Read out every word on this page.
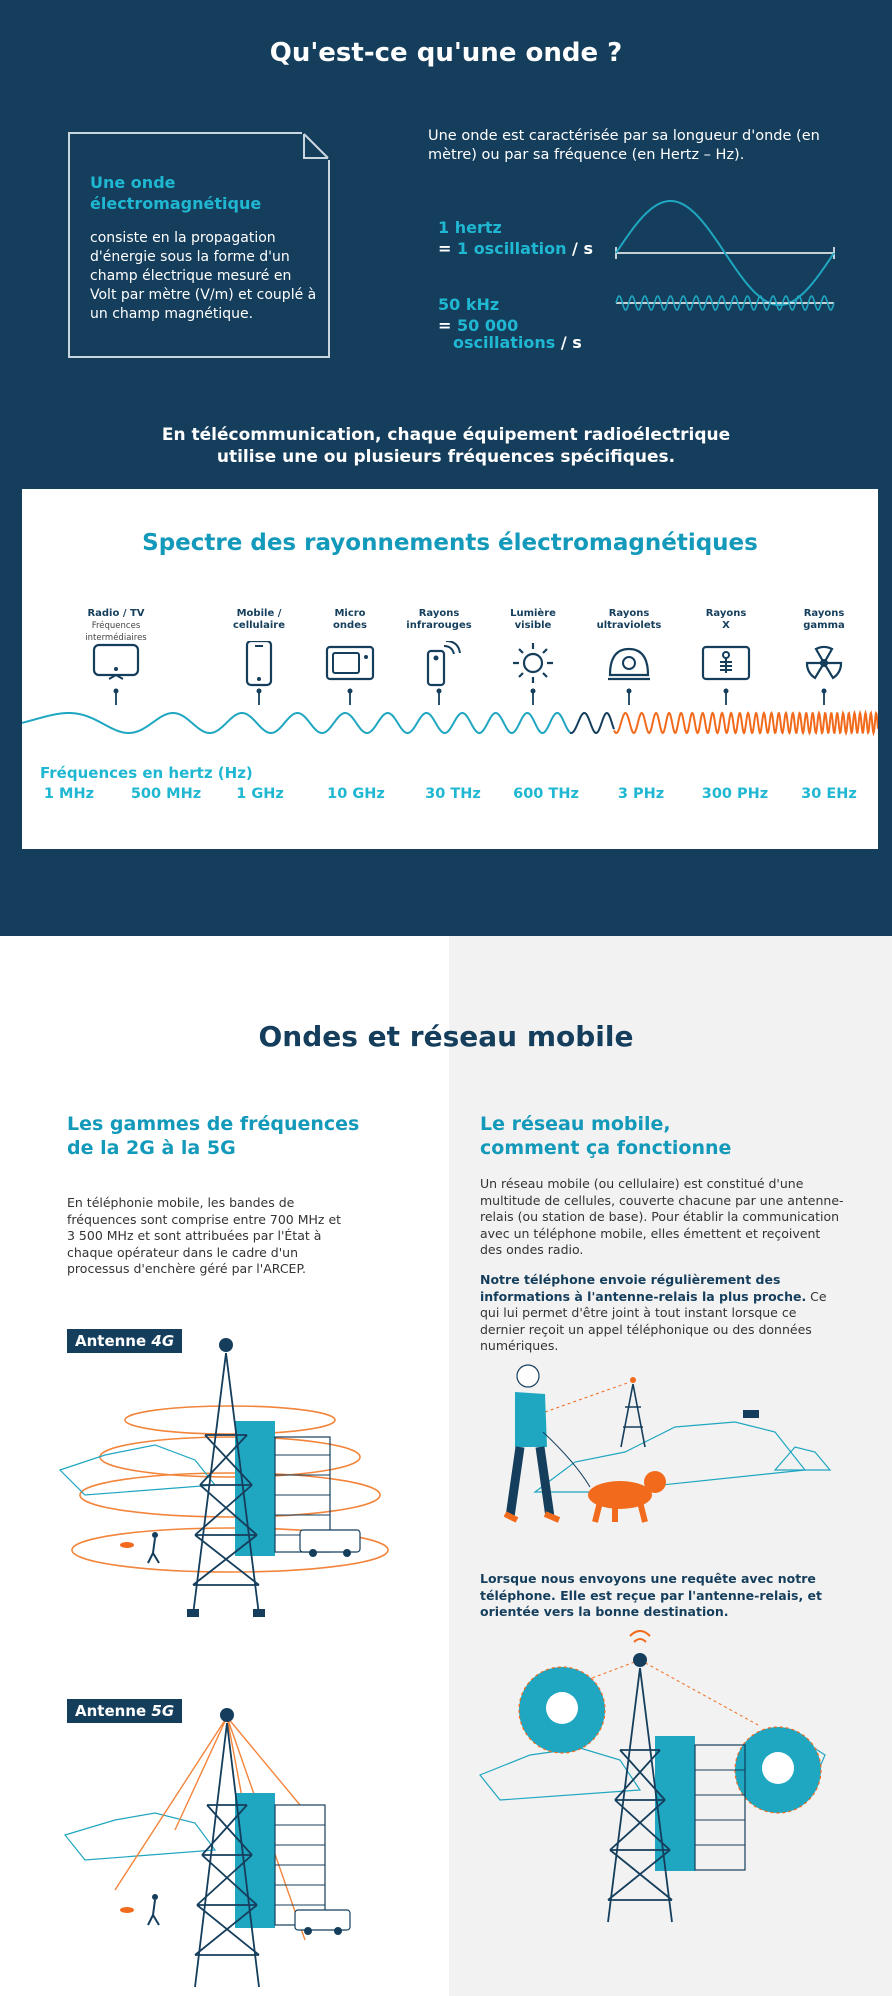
Qu'est-ce qu'une onde ?
Une onde électromagnétique
consiste en la propagation d'énergie sous la forme d'un champ électrique mesuré en Volt par mètre (V/m) et couplé à un champ magnétique.
Une onde est caractérisée par sa longueur d'onde (en mètre) ou par sa fréquence (en Hertz – Hz).
1 hertz
= 1 oscillation / s
50 kHz
= 50 000
oscillations / s
En télécommunication, chaque équipement radioélectrique
utilise une ou plusieurs fréquences spécifiques.
Spectre des rayonnements électromagnétiques
Radio / TV
Fréquences
intermédiaires
Mobile /
cellulaire
Micro
ondes
Rayons
infrarouges
Lumière
visible
Rayons
ultraviolets
Rayons
X
Rayons
gamma
Fréquences en hertz (Hz)
1 MHz	500 MHz	1 GHz	10 GHz	30 THz	600 THz	3 PHz	300 PHz	30 EHz
Ondes et réseau mobile
Les gammes de fréquences
de la 2G à la 5G
En téléphonie mobile, les bandes de fréquences sont comprise entre 700 MHz et 3 500 MHz et sont attribuées par l'État à chaque opérateur dans le cadre d'un processus d'enchère géré par l'ARCEP.
Antenne 4G
Antenne 5G
Le réseau mobile,
comment ça fonctionne
Un réseau mobile (ou cellulaire) est constitué d'une multitude de cellules, couverte chacune par une antenne-relais (ou station de base). Pour établir la communication avec un téléphone mobile, elles émettent et reçoivent des ondes radio.
Notre téléphone envoie régulièrement des informations à l'antenne-relais la plus proche. Ce qui lui permet d'être joint à tout instant lorsque ce dernier reçoit un appel téléphonique ou des données numériques.
Lorsque nous envoyons une requête avec notre téléphone. Elle est reçue par l'antenne-relais, et orientée vers la bonne destination.
